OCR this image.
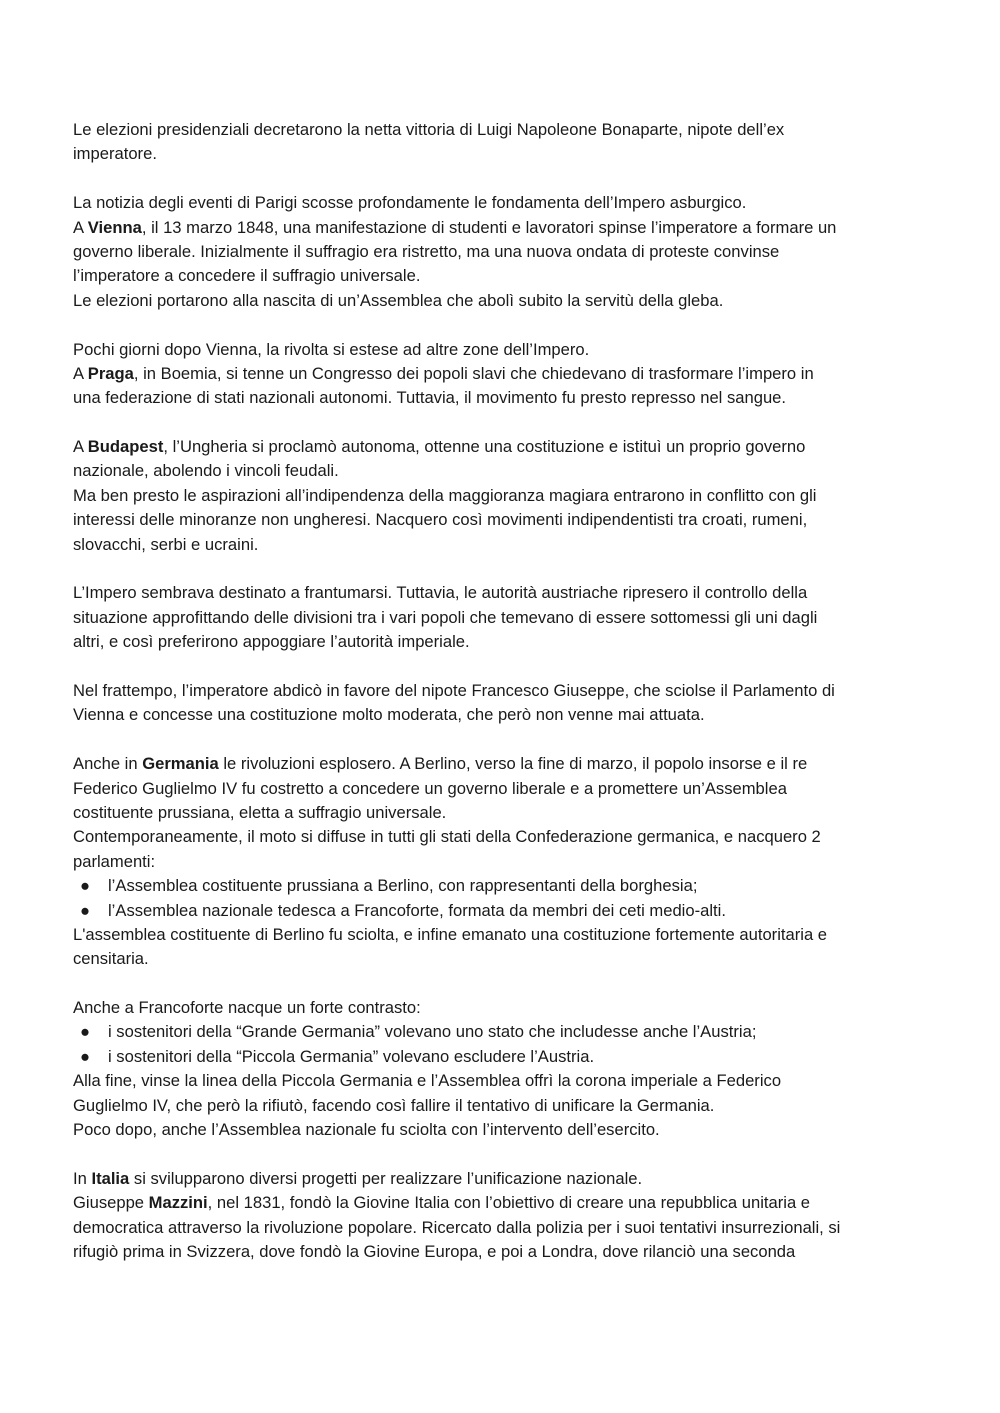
Le elezioni presidenziali decretarono la netta vittoria di Luigi Napoleone Bonaparte, nipote dell’ex
imperatore.
La notizia degli eventi di Parigi scosse profondamente le fondamenta dell’Impero asburgico.
A Vienna, il 13 marzo 1848, una manifestazione di studenti e lavoratori spinse l’imperatore a formare un
governo liberale. Inizialmente il suffragio era ristretto, ma una nuova ondata di proteste convinse
l’imperatore a concedere il suffragio universale.
Le elezioni portarono alla nascita di un’Assemblea che abolì subito la servitù della gleba.
Pochi giorni dopo Vienna, la rivolta si estese ad altre zone dell’Impero.
A Praga, in Boemia, si tenne un Congresso dei popoli slavi che chiedevano di trasformare l’impero in
una federazione di stati nazionali autonomi. Tuttavia, il movimento fu presto represso nel sangue.
A Budapest, l’Ungheria si proclamò autonoma, ottenne una costituzione e istituì un proprio governo
nazionale, abolendo i vincoli feudali.
Ma ben presto le aspirazioni all’indipendenza della maggioranza magiara entrarono in conflitto con gli
interessi delle minoranze non ungheresi. Nacquero così movimenti indipendentisti tra croati, rumeni,
slovacchi, serbi e ucraini.
L’Impero sembrava destinato a frantumarsi. Tuttavia, le autorità austriache ripresero il controllo della
situazione approfittando delle divisioni tra i vari popoli che temevano di essere sottomessi gli uni dagli
altri, e così preferirono appoggiare l’autorità imperiale.
Nel frattempo, l’imperatore abdicò in favore del nipote Francesco Giuseppe, che sciolse il Parlamento di
Vienna e concesse una costituzione molto moderata, che però non venne mai attuata.
Anche in Germania le rivoluzioni esplosero. A Berlino, verso la fine di marzo, il popolo insorse e il re
Federico Guglielmo IV fu costretto a concedere un governo liberale e a promettere un’Assemblea
costituente prussiana, eletta a suffragio universale.
Contemporaneamente, il moto si diffuse in tutti gli stati della Confederazione germanica, e nacquero 2
parlamenti:
●	l’Assemblea costituente prussiana a Berlino, con rappresentanti della borghesia;
●	l’Assemblea nazionale tedesca a Francoforte, formata da membri dei ceti medio-alti.
L'assemblea costituente di Berlino fu sciolta, e infine emanato una costituzione fortemente autoritaria e
censitaria.
Anche a Francoforte nacque un forte contrasto:
●	i sostenitori della “Grande Germania” volevano uno stato che includesse anche l’Austria;
●	i sostenitori della “Piccola Germania” volevano escludere l’Austria.
Alla fine, vinse la linea della Piccola Germania e l’Assemblea offrì la corona imperiale a Federico
Guglielmo IV, che però la rifiutò, facendo così fallire il tentativo di unificare la Germania.
Poco dopo, anche l’Assemblea nazionale fu sciolta con l’intervento dell’esercito.
In Italia si svilupparono diversi progetti per realizzare l’unificazione nazionale.
Giuseppe Mazzini, nel 1831, fondò la Giovine Italia con l’obiettivo di creare una repubblica unitaria e
democratica attraverso la rivoluzione popolare. Ricercato dalla polizia per i suoi tentativi insurrezionali, si
rifugiò prima in Svizzera, dove fondò la Giovine Europa, e poi a Londra, dove rilanciò una seconda
